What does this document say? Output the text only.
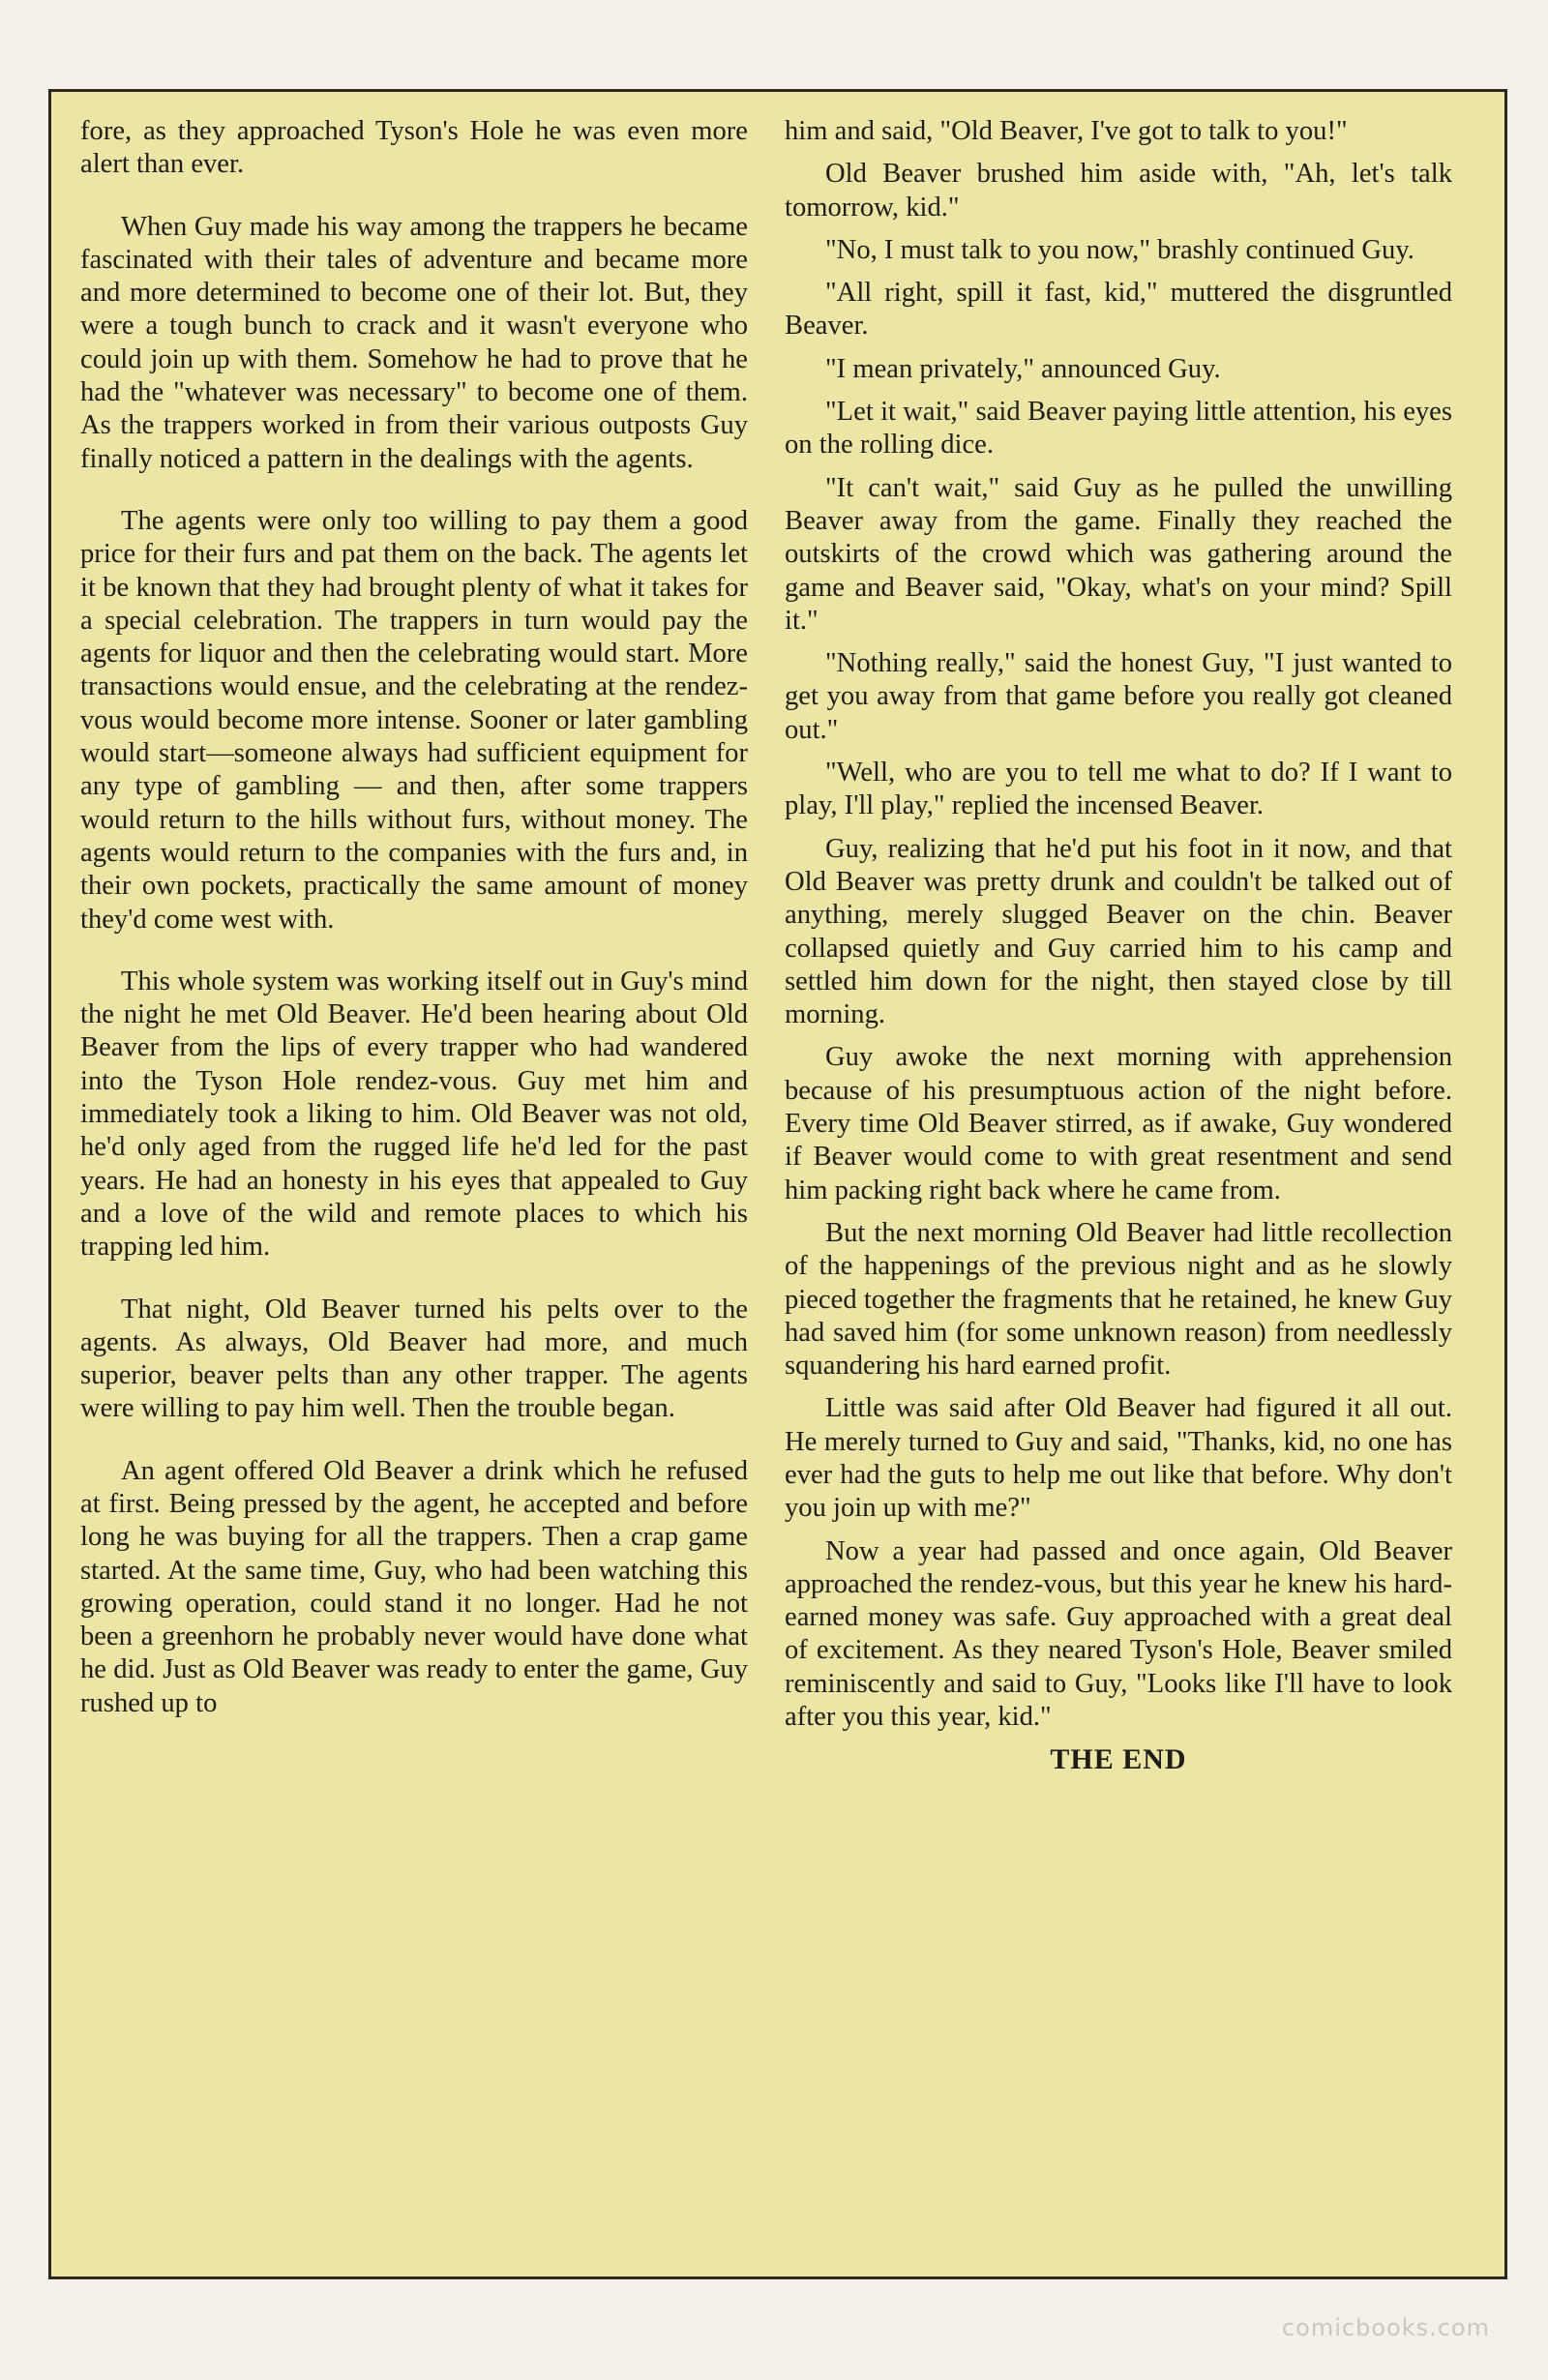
fore, as they approached Tyson's Hole he was even more alert than ever.

When Guy made his way among the trappers he became fascinated with their tales of adventure and became more and more determined to become one of their lot. But, they were a tough bunch to crack and it wasn't everyone who could join up with them. Somehow he had to prove that he had the "whatever was necessary" to become one of them. As the trappers worked in from their various outposts Guy finally noticed a pattern in the dealings with the agents.

The agents were only too willing to pay them a good price for their furs and pat them on the back. The agents let it be known that they had brought plenty of what it takes for a special celebration. The trappers in turn would pay the agents for liquor and then the celebrating would start. More transactions would ensue, and the celebrating at the rendez-vous would become more intense. Sooner or later gambling would start—someone always had sufficient equipment for any type of gambling — and then, after some trappers would return to the hills without furs, without money. The agents would return to the companies with the furs and, in their own pockets, practically the same amount of money they'd come west with.

This whole system was working itself out in Guy's mind the night he met Old Beaver. He'd been hearing about Old Beaver from the lips of every trapper who had wandered into the Tyson Hole rendez-vous. Guy met him and immediately took a liking to him. Old Beaver was not old, he'd only aged from the rugged life he'd led for the past years. He had an honesty in his eyes that appealed to Guy and a love of the wild and remote places to which his trapping led him.

That night, Old Beaver turned his pelts over to the agents. As always, Old Beaver had more, and much superior, beaver pelts than any other trapper. The agents were willing to pay him well. Then the trouble began.

An agent offered Old Beaver a drink which he refused at first. Being pressed by the agent, he accepted and before long he was buying for all the trappers. Then a crap game started. At the same time, Guy, who had been watching this growing operation, could stand it no longer. Had he not been a greenhorn he probably never would have done what he did. Just as Old Beaver was ready to enter the game, Guy rushed up to

him and said, "Old Beaver, I've got to talk to you!"

Old Beaver brushed him aside with, "Ah, let's talk tomorrow, kid."

"No, I must talk to you now," brashly continued Guy.

"All right, spill it fast, kid," muttered the disgruntled Beaver.

"I mean privately," announced Guy.

"Let it wait," said Beaver paying little attention, his eyes on the rolling dice.

"It can't wait," said Guy as he pulled the unwilling Beaver away from the game. Finally they reached the outskirts of the crowd which was gathering around the game and Beaver said, "Okay, what's on your mind? Spill it."

"Nothing really," said the honest Guy, "I just wanted to get you away from that game before you really got cleaned out."

"Well, who are you to tell me what to do? If I want to play, I'll play," replied the incensed Beaver.

Guy, realizing that he'd put his foot in it now, and that Old Beaver was pretty drunk and couldn't be talked out of anything, merely slugged Beaver on the chin. Beaver collapsed quietly and Guy carried him to his camp and settled him down for the night, then stayed close by till morning.

Guy awoke the next morning with apprehension because of his presumptuous action of the night before. Every time Old Beaver stirred, as if awake, Guy wondered if Beaver would come to with great resentment and send him packing right back where he came from.

But the next morning Old Beaver had little recollection of the happenings of the previous night and as he slowly pieced together the fragments that he retained, he knew Guy had saved him (for some unknown reason) from needlessly squandering his hard earned profit.

Little was said after Old Beaver had figured it all out. He merely turned to Guy and said, "Thanks, kid, no one has ever had the guts to help me out like that before. Why don't you join up with me?"

Now a year had passed and once again, Old Beaver approached the rendez-vous, but this year he knew his hard-earned money was safe. Guy approached with a great deal of excitement. As they neared Tyson's Hole, Beaver smiled reminiscently and said to Guy, "Looks like I'll have to look after you this year, kid."

THE END

comicbooks.com
